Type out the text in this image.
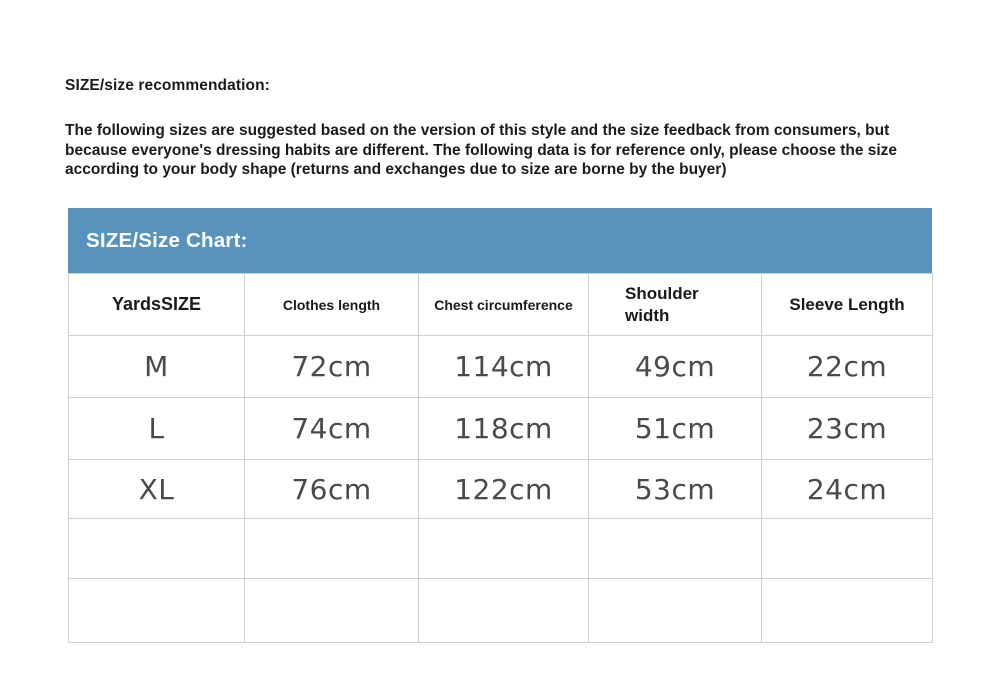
SIZE/size recommendation:

The following sizes are suggested based on the version of this style and the size feedback from consumers, but because everyone's dressing habits are different. The following data is for reference only, please choose the size according to your body shape (returns and exchanges due to size are borne by the buyer)

SIZE/Size Chart:
YardsSIZE	Clothes length	Chest circumference	Shoulder width	Sleeve Length
M	72cm	114cm	49cm	22cm
L	74cm	118cm	51cm	23cm
XL	76cm	122cm	53cm	24cm
